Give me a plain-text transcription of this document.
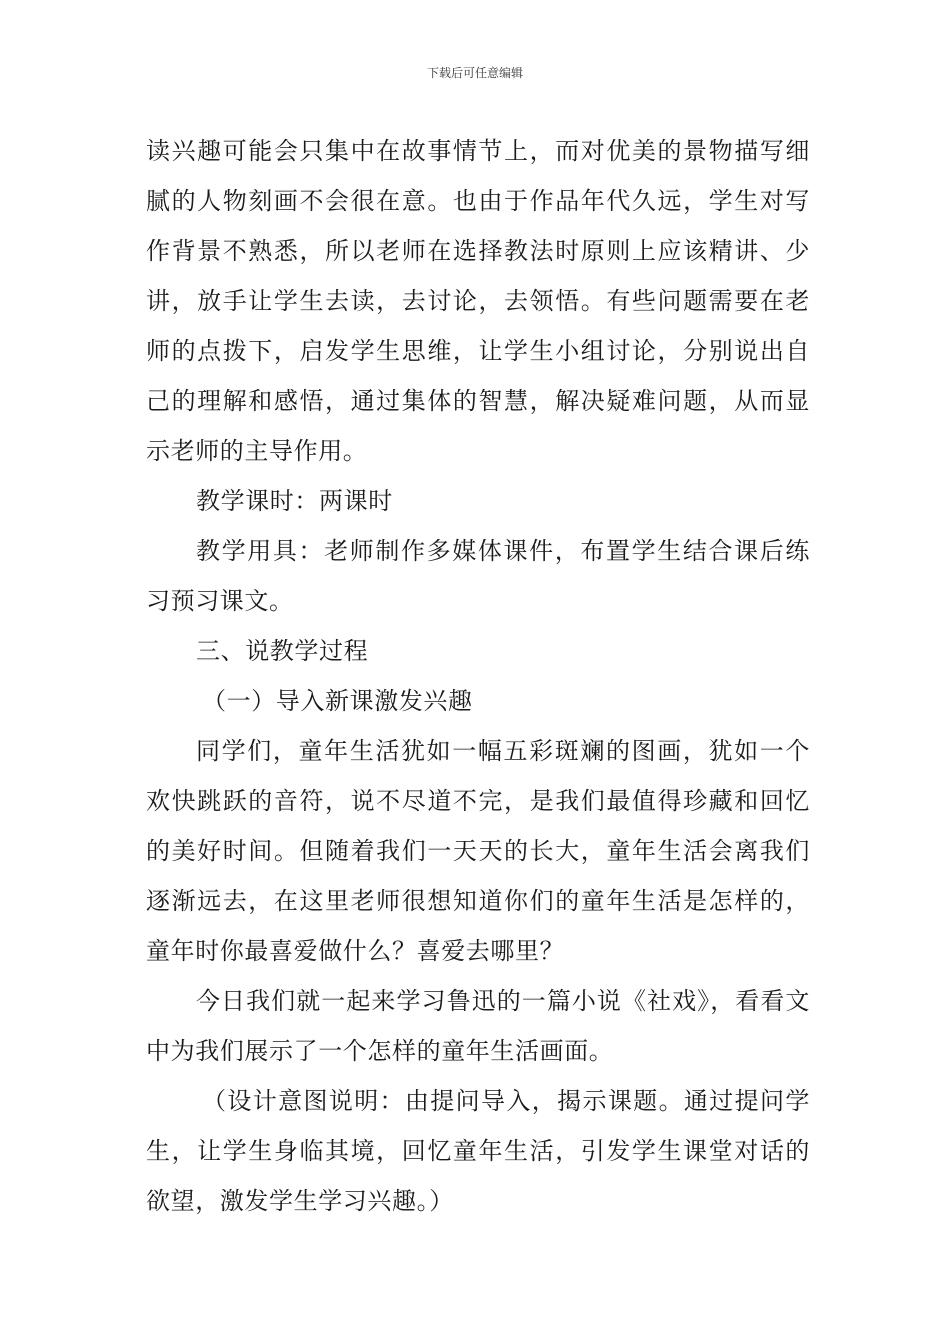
下载后可任意编辑

读兴趣可能会只集中在故事情节上，而对优美的景物描写细腻的人物刻画不会很在意。也由于作品年代久远，学生对写作背景不熟悉，所以老师在选择教法时原则上应该精讲、少讲，放手让学生去读，去讨论，去领悟。有些问题需要在老师的点拨下，启发学生思维，让学生小组讨论，分别说出自己的理解和感悟，通过集体的智慧，解决疑难问题，从而显示老师的主导作用。

教学课时：两课时

教学用具：老师制作多媒体课件，布置学生结合课后练习预习课文。

三、说教学过程

（一）导入新课激发兴趣

同学们，童年生活犹如一幅五彩斑斓的图画，犹如一个欢快跳跃的音符，说不尽道不完，是我们最值得珍藏和回忆的美好时间。但随着我们一天天的长大，童年生活会离我们逐渐远去，在这里老师很想知道你们的童年生活是怎样的，童年时你最喜爱做什么？喜爱去哪里？

今日我们就一起来学习鲁迅的一篇小说《社戏》，看看文中为我们展示了一个怎样的童年生活画面。

（设计意图说明：由提问导入，揭示课题。通过提问学生，让学生身临其境，回忆童年生活，引发学生课堂对话的欲望，激发学生学习兴趣。）
